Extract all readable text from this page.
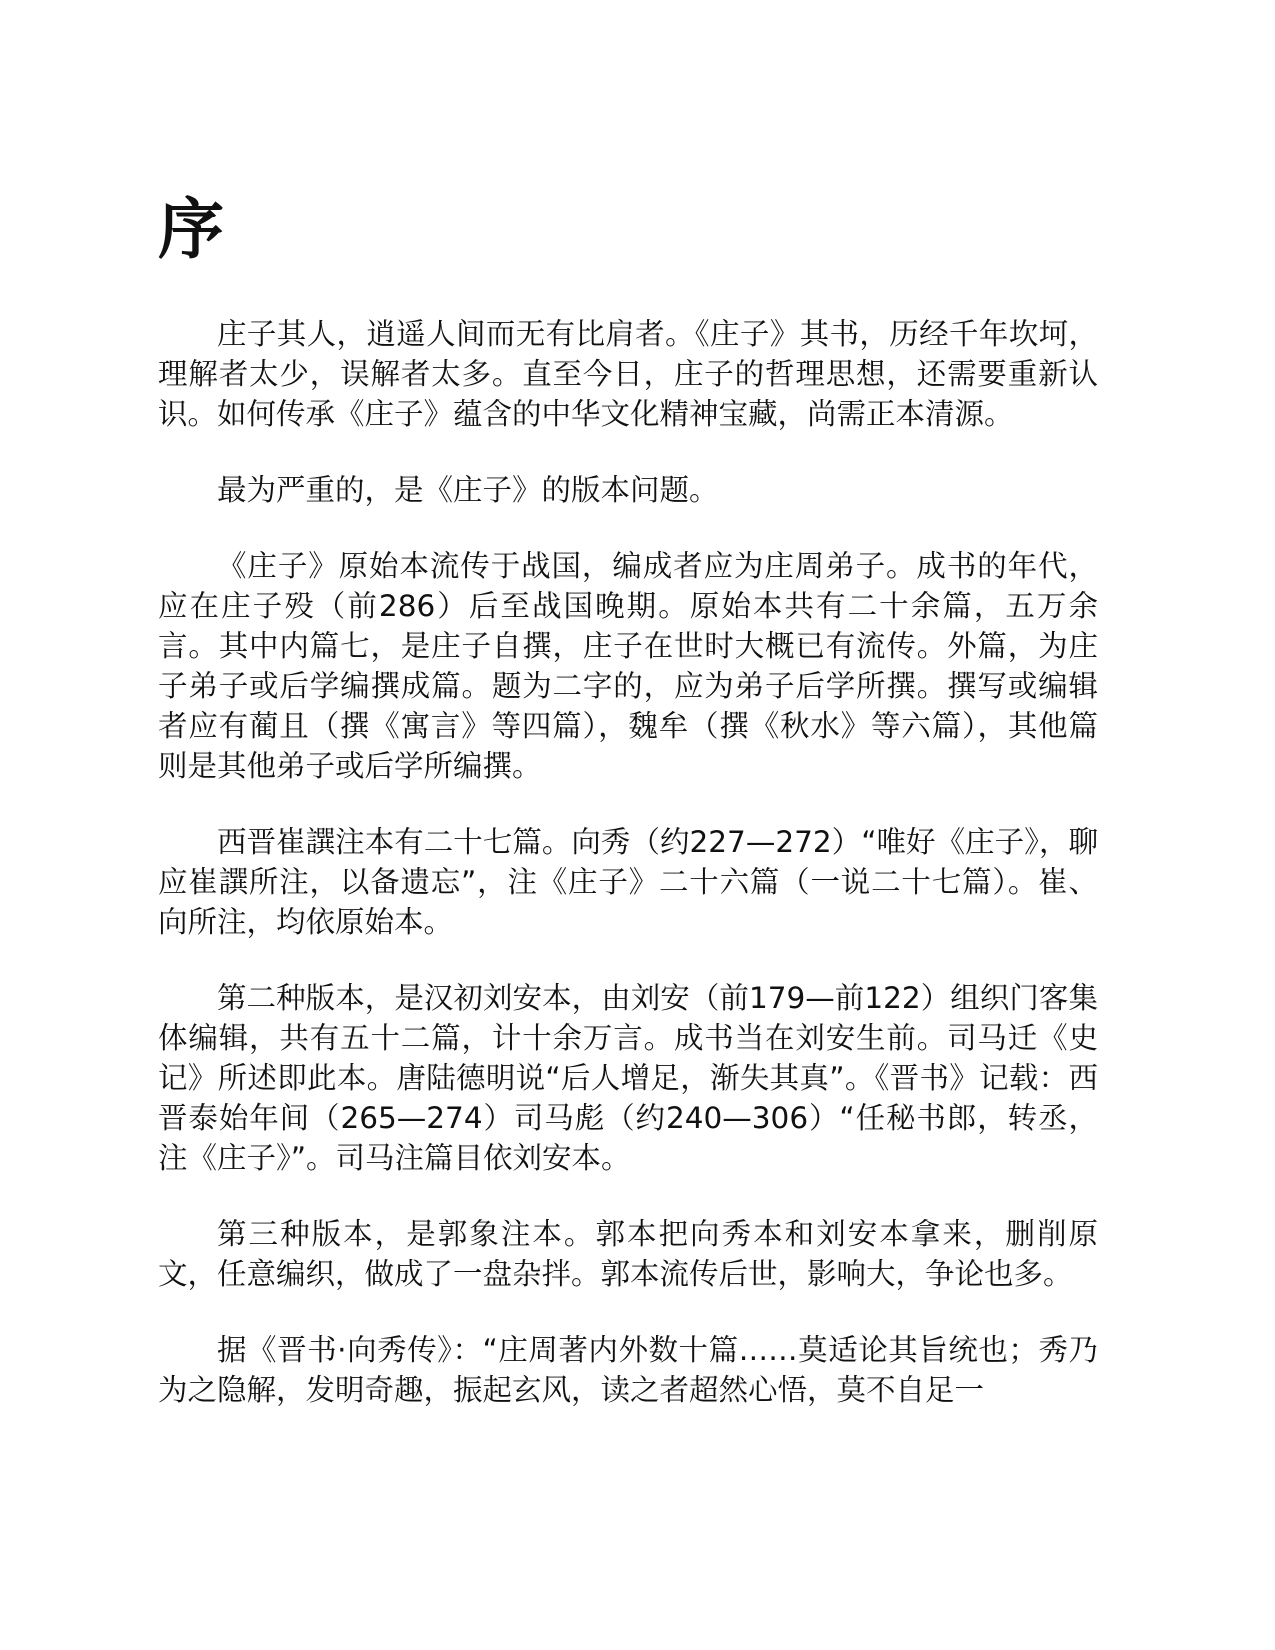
序

庄子其人，逍遥人间而无有比肩者。《庄子》其书，历经千年坎坷，理解者太少，误解者太多。直至今日，庄子的哲理思想，还需要重新认识。如何传承《庄子》蕴含的中华文化精神宝藏，尚需正本清源。

最为严重的，是《庄子》的版本问题。

《庄子》原始本流传于战国，编成者应为庄周弟子。成书的年代，应在庄子殁（前286）后至战国晚期。原始本共有二十余篇，五万余言。其中内篇七，是庄子自撰，庄子在世时大概已有流传。外篇，为庄子弟子或后学编撰成篇。题为二字的，应为弟子后学所撰。撰写或编辑者应有蔺且（撰《寓言》等四篇），魏牟（撰《秋水》等六篇），其他篇则是其他弟子或后学所编撰。

西晋崔譔注本有二十七篇。向秀（约227—272）“唯好《庄子》，聊应崔譔所注，以备遗忘”，注《庄子》二十六篇（一说二十七篇）。崔、向所注，均依原始本。

第二种版本，是汉初刘安本，由刘安（前179—前122）组织门客集体编辑，共有五十二篇，计十余万言。成书当在刘安生前。司马迁《史记》所述即此本。唐陆德明说“后人增足，渐失其真”。《晋书》记载：西晋泰始年间（265—274）司马彪（约240—306）“任秘书郎，转丞，注《庄子》”。司马注篇目依刘安本。

第三种版本，是郭象注本。郭本把向秀本和刘安本拿来，删削原文，任意编织，做成了一盘杂拌。郭本流传后世，影响大，争论也多。

据《晋书·向秀传》：“庄周著内外数十篇……莫适论其旨统也；秀乃为之隐解，发明奇趣，振起玄风，读之者超然心悟，莫不自足一
